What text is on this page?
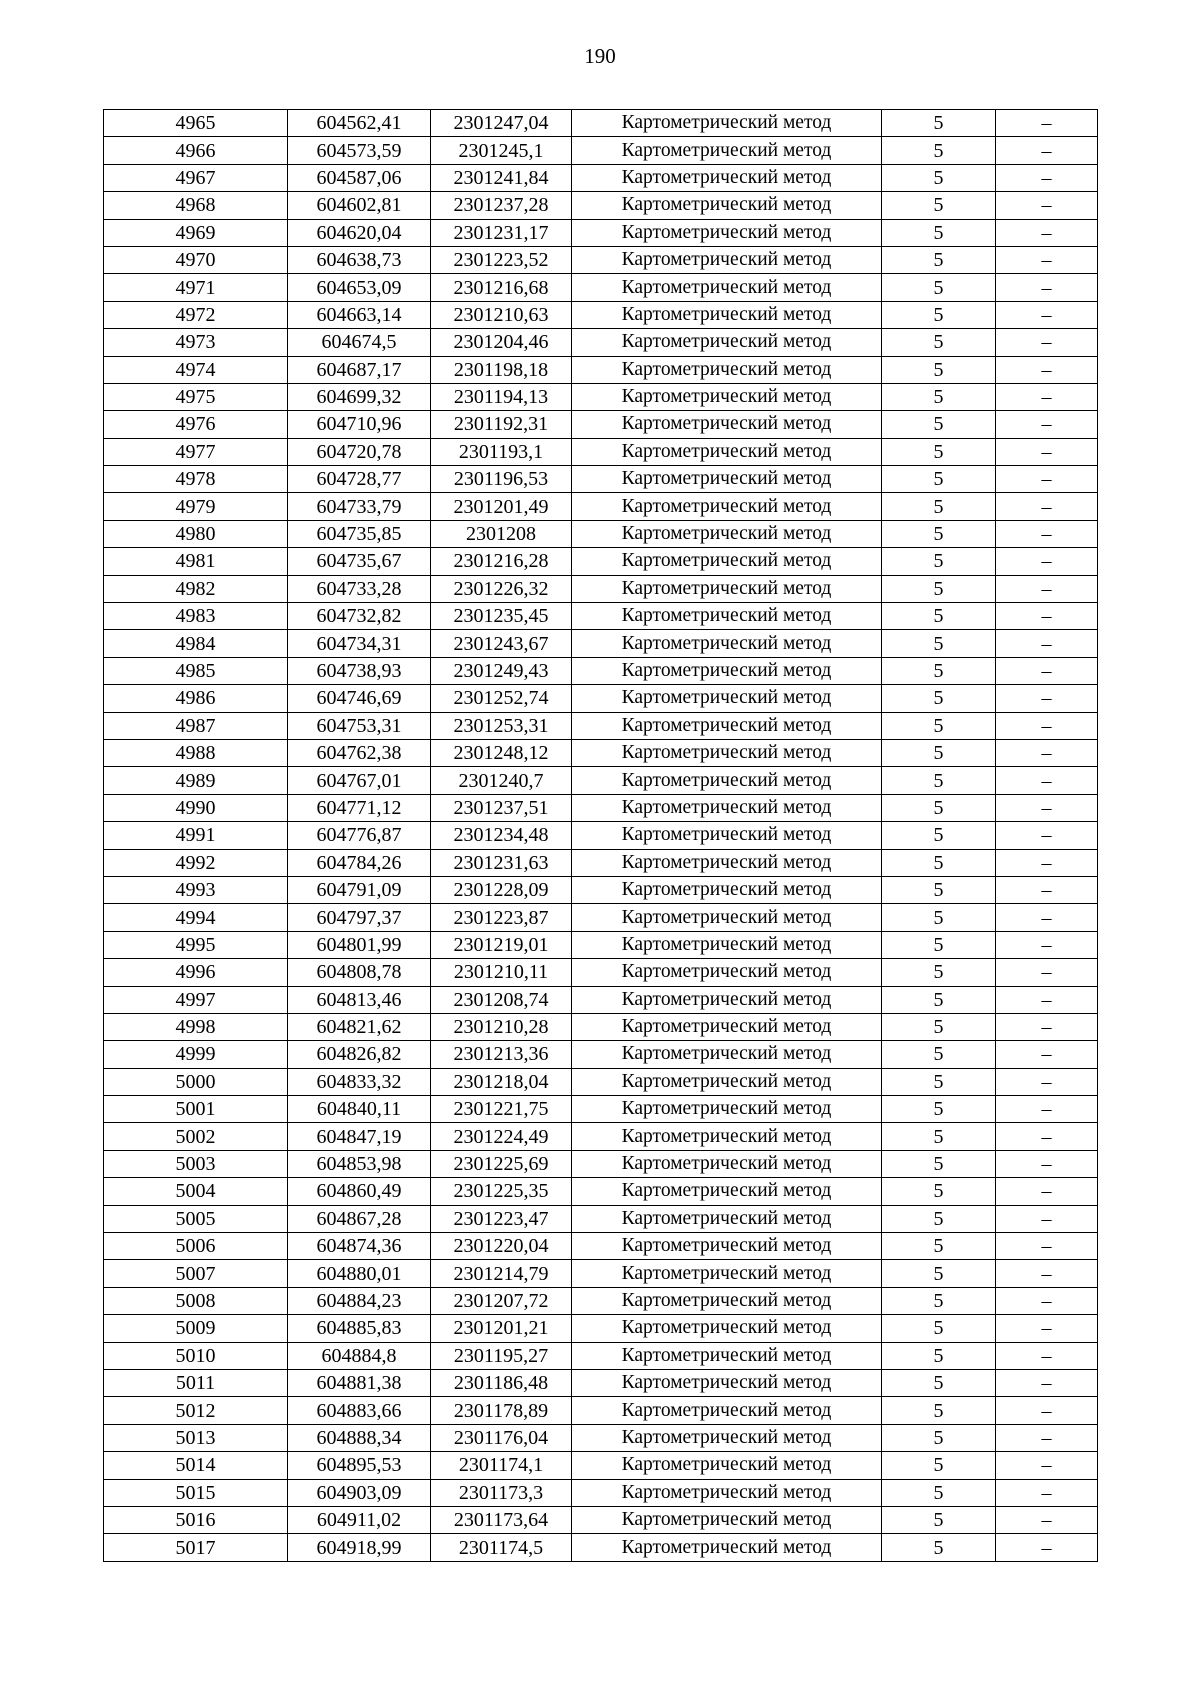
190
4965	604562,41	2301247,04	Картометрический метод	5	–
4966	604573,59	2301245,1	Картометрический метод	5	–
4967	604587,06	2301241,84	Картометрический метод	5	–
4968	604602,81	2301237,28	Картометрический метод	5	–
4969	604620,04	2301231,17	Картометрический метод	5	–
4970	604638,73	2301223,52	Картометрический метод	5	–
4971	604653,09	2301216,68	Картометрический метод	5	–
4972	604663,14	2301210,63	Картометрический метод	5	–
4973	604674,5	2301204,46	Картометрический метод	5	–
4974	604687,17	2301198,18	Картометрический метод	5	–
4975	604699,32	2301194,13	Картометрический метод	5	–
4976	604710,96	2301192,31	Картометрический метод	5	–
4977	604720,78	2301193,1	Картометрический метод	5	–
4978	604728,77	2301196,53	Картометрический метод	5	–
4979	604733,79	2301201,49	Картометрический метод	5	–
4980	604735,85	2301208	Картометрический метод	5	–
4981	604735,67	2301216,28	Картометрический метод	5	–
4982	604733,28	2301226,32	Картометрический метод	5	–
4983	604732,82	2301235,45	Картометрический метод	5	–
4984	604734,31	2301243,67	Картометрический метод	5	–
4985	604738,93	2301249,43	Картометрический метод	5	–
4986	604746,69	2301252,74	Картометрический метод	5	–
4987	604753,31	2301253,31	Картометрический метод	5	–
4988	604762,38	2301248,12	Картометрический метод	5	–
4989	604767,01	2301240,7	Картометрический метод	5	–
4990	604771,12	2301237,51	Картометрический метод	5	–
4991	604776,87	2301234,48	Картометрический метод	5	–
4992	604784,26	2301231,63	Картометрический метод	5	–
4993	604791,09	2301228,09	Картометрический метод	5	–
4994	604797,37	2301223,87	Картометрический метод	5	–
4995	604801,99	2301219,01	Картометрический метод	5	–
4996	604808,78	2301210,11	Картометрический метод	5	–
4997	604813,46	2301208,74	Картометрический метод	5	–
4998	604821,62	2301210,28	Картометрический метод	5	–
4999	604826,82	2301213,36	Картометрический метод	5	–
5000	604833,32	2301218,04	Картометрический метод	5	–
5001	604840,11	2301221,75	Картометрический метод	5	–
5002	604847,19	2301224,49	Картометрический метод	5	–
5003	604853,98	2301225,69	Картометрический метод	5	–
5004	604860,49	2301225,35	Картометрический метод	5	–
5005	604867,28	2301223,47	Картометрический метод	5	–
5006	604874,36	2301220,04	Картометрический метод	5	–
5007	604880,01	2301214,79	Картометрический метод	5	–
5008	604884,23	2301207,72	Картометрический метод	5	–
5009	604885,83	2301201,21	Картометрический метод	5	–
5010	604884,8	2301195,27	Картометрический метод	5	–
5011	604881,38	2301186,48	Картометрический метод	5	–
5012	604883,66	2301178,89	Картометрический метод	5	–
5013	604888,34	2301176,04	Картометрический метод	5	–
5014	604895,53	2301174,1	Картометрический метод	5	–
5015	604903,09	2301173,3	Картометрический метод	5	–
5016	604911,02	2301173,64	Картометрический метод	5	–
5017	604918,99	2301174,5	Картометрический метод	5	–
